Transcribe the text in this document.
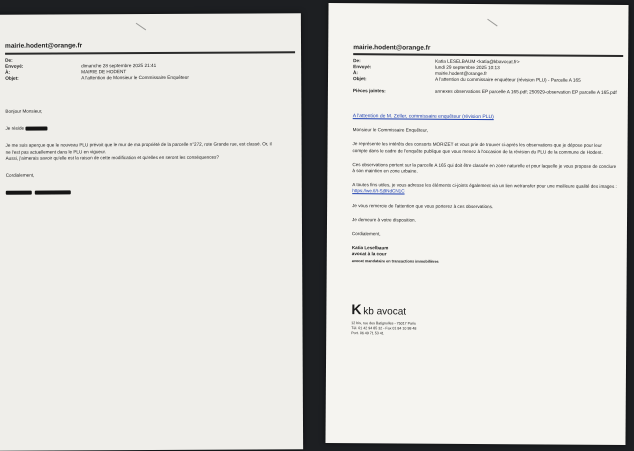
mairie.hodent@orange.fr
De:
Envoyé:	dimanche 28 septembre 2025 21:41
À:	MAIRIE DE HODENT
Objet:	A l'attention de Monsieur le Commissaire Enquêteur

Bonjour Monsieur,

Je réside

Je me suis aperçue que le nouveau PLU prévoit que le mur de ma propriété de la parcelle n°272, rote Grande rue, est classé. Or, il ne l'est pas actuellement dans le PLU en vigueur.

Aussi, j'aimerais savoir qu'elle est la raison de cette modification et qu'elles en seront les conséquences?

Cordialement,

mairie.hodent@orange.fr
De:	Katia LESELBAUM <katia@kbavocat.fr>
Envoyé:	lundi 29 septembre 2025 10:13
À:	mairie.hodent@orange.fr
Objet:	A l'attention du commissaire enquêteur (révision PLU) - Parcelle A 165
Pièces jointes:	annexes observations EP parcelle A 165.pdf; 250929-observation EP parcelle A 165.pdf

A l'attention de M. Zeller, commissaire enquêteur (révision PLU)

Monsieur le Commissaire Enquêteur,

Je représente les intérêts des consorts MORIZET et vous prie de trouver ci-après les observations que je dépose pour leur compte dans le cadre de l'enquête publique que vous menez à l'occasion de la révision du PLU de la commune de Hodent.

Ces observations portent sur la parcelle A 165 qui doit être classée en zone naturelle et pour laquelle je vous propose de conclure à son maintien en zone urbaine.

A toutes fins utiles, je vous adresse les éléments ci-joints également via un lien wetransfer pour une meilleure qualité des images : https://we.tl/t-Sj9NdCN1C

Je vous remercie de l'attention que vous porterez à ces observations.

Je demeure à votre disposition.

Cordialement,

Katia Leselbaum

avocat à la cour

avocat mandataire en transactions immobilières

K kb avocat
12 bis, rue des Batignolles - 75017 Paris
Tél. 01 42 94 85 32 - Fax 01 84 10 98 48
Port. 06 49 71 53 41
